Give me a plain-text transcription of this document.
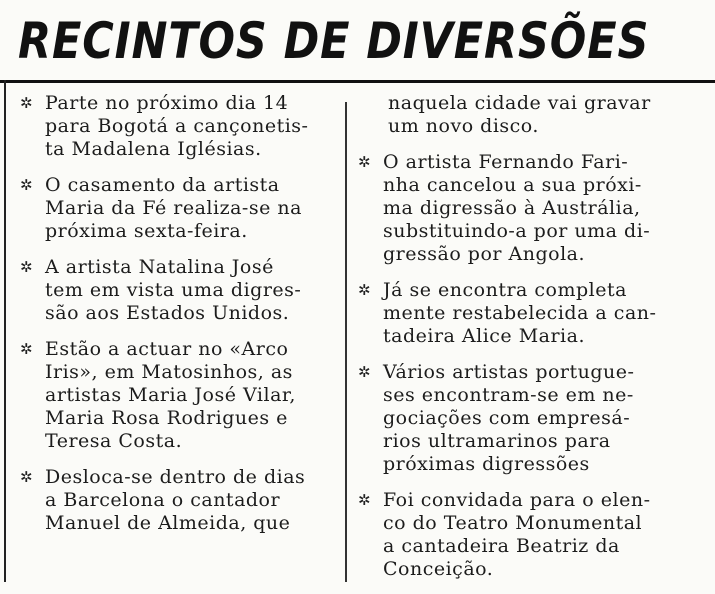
RECINTOS DE DIVERSÕES
✲ Parte no próximo dia 14
para Bogotá a cançonetis-
ta Madalena Iglésias.
✲ O casamento da artista
Maria da Fé realiza-se na
próxima sexta-feira.
✲ A artista Natalina José
tem em vista uma digres-
são aos Estados Unidos.
✲ Estão a actuar no «Arco
Iris», em Matosinhos, as
artistas Maria José Vilar,
Maria Rosa Rodrigues e
Teresa Costa.
✲ Desloca-se dentro de dias
a Barcelona o cantador
Manuel de Almeida, que
naquela cidade vai gravar
um novo disco.
✲ O artista Fernando Fari-
nha cancelou a sua próxi-
ma digressão à Austrália,
substituindo-a por uma di-
gressão por Angola.
✲ Já se encontra completa
mente restabelecida a can-
tadeira Alice Maria.
✲ Vários artistas portugue-
ses encontram-se em ne-
gociações com empresá-
rios ultramarinos para
próximas digressões
✲ Foi convidada para o elen-
co do Teatro Monumental
a cantadeira Beatriz da
Conceição.
